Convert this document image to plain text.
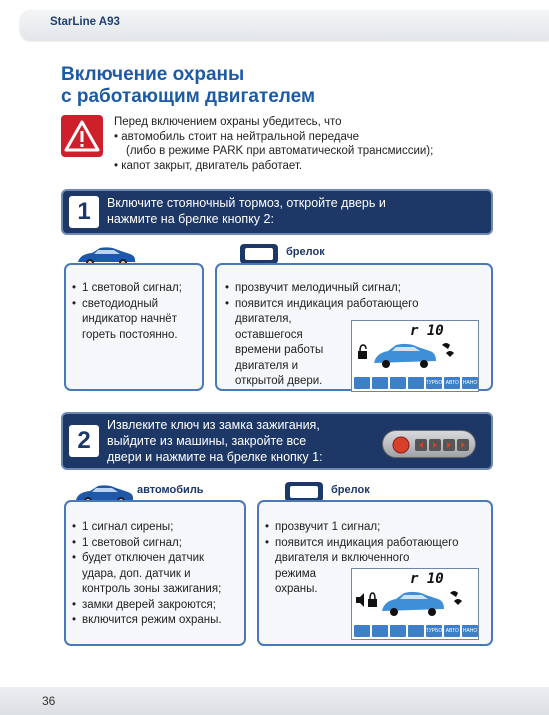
StarLine A93
Включение охраны
с работающим двигателем
Перед включением охраны убедитесь, что
• автомобиль стоит на нейтральной передаче
(либо в режиме PARK при автоматической трансмиссии);
• капот закрыт, двигатель работает.
1	Включите стояночный тормоз, откройте дверь и
нажмите на брелке кнопку 2:
брелок
• 1 световой сигнал;
• светодиодный
индикатор начнёт
гореть постоянно.
• прозвучит мелодичный сигнал;
• появится индикация работающего
двигателя,
оставшегося
времени работы
двигателя и
открытой двери.
r 10
ТУРБО АВТО НАНО
2
Извлеките ключ из замка зажигания,
выйдите из машины, закройте все
двери и нажмите на брелке кнопку 1:
автомобиль	брелок
• 1 сигнал сирены;
• 1 световой сигнал;
• будет отключен датчик
удара, доп. датчик и
контроль зоны зажигания;
• замки дверей закроются;
• включится режим охраны.
• прозвучит 1 сигнал;
• появится индикация работающего
двигателя и включенного
режима
охраны.
r 10
ТУРБО АВТО НАНО
36
